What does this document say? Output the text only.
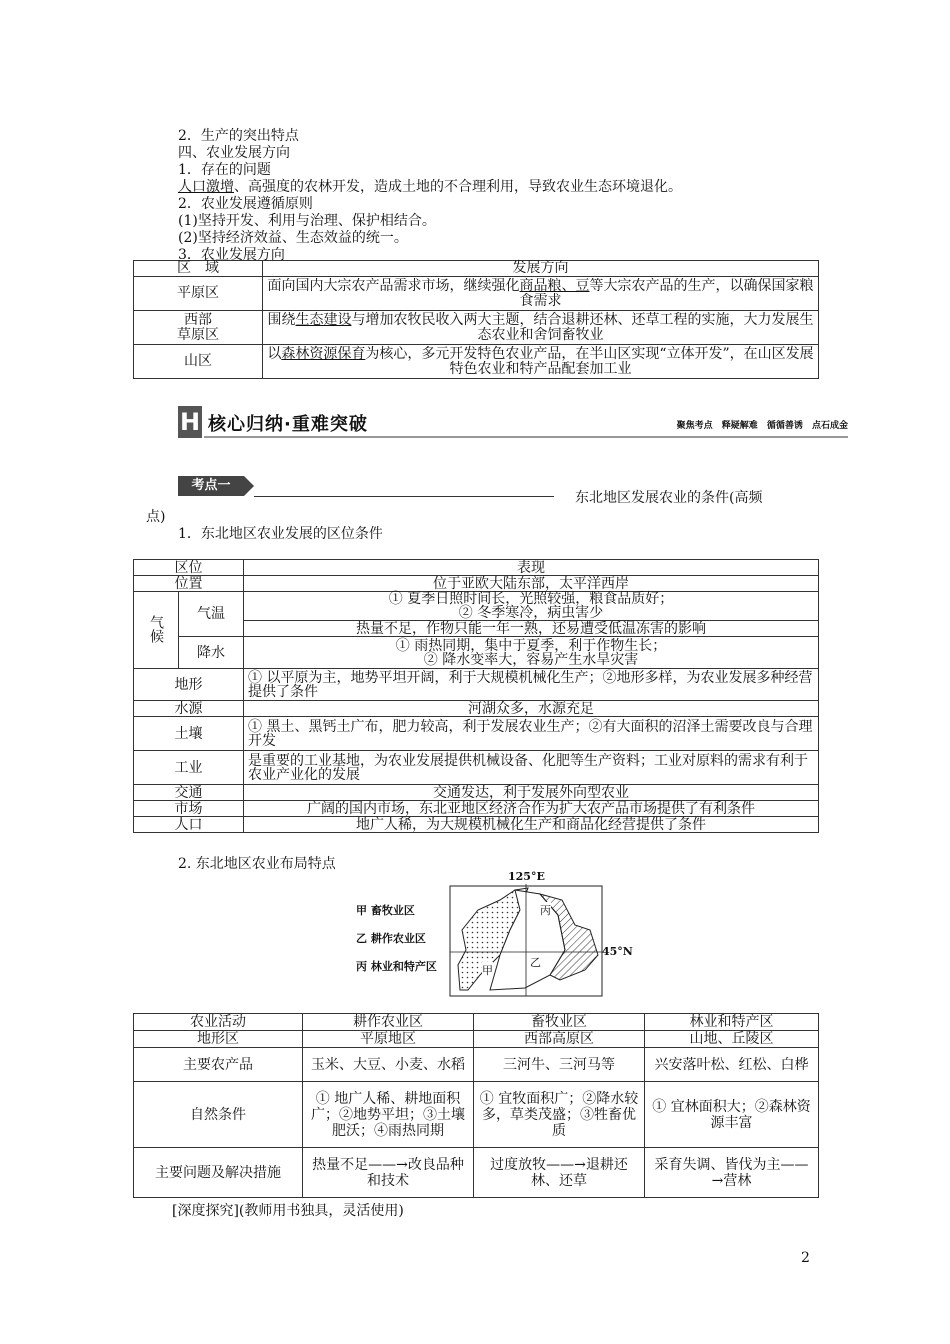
2．生产的突出特点
四、农业发展方向
1．存在的问题
人口激增、高强度的农林开发，造成土地的不合理利用，导致农业生态环境退化。
2．农业发展遵循原则
(1)坚持开发、利用与治理、保护相结合。
(2)坚持经济效益、生态效益的统一。
3．农业发展方向
区　域	发展方向
平原区	面向国内大宗农产品需求市场，继续强化商品粮、豆等大宗农产品的生产，以确保国家粮食需求
西部
草原区	围绕生态建设与增加农牧民收入两大主题，结合退耕还林、还草工程的实施，大力发展生态农业和舍饲畜牧业
山区	以森林资源保育为核心，多元开发特色农业产品，在半山区实现“立体开发”，在山区发展特色农业和特产品配套加工业
H 核心归纳·重难突破	聚焦考点 释疑解难 循循善诱 点石成金
考点一
东北地区发展农业的条件(高频
点)
1．东北地区农业发展的区位条件
区位		表现
位置		位于亚欧大陆东部，太平洋西岸
气候	气温	① 夏季日照时间长，光照较强，粮食品质好；
② 冬季寒冷，病虫害少
		热量不足，作物只能一年一熟，还易遭受低温冻害的影响
	降水	① 雨热同期，集中于夏季，利于作物生长；
② 降水变率大，容易产生水旱灾害
地形		① 以平原为主，地势平坦开阔，利于大规模机械化生产；②地形多样，为农业发展多种经营提供了条件
水源		河湖众多，水源充足
土壤		① 黑土、黑钙土广布，肥力较高，利于发展农业生产；②有大面积的沼泽土需要改良与合理开发
工业		是重要的工业基地，为农业发展提供机械设备、化肥等生产资料；工业对原料的需求有利于农业产业化的发展
交通		交通发达，利于发展外向型农业
市场		广阔的国内市场，东北亚地区经济合作为扩大农产品市场提供了有利条件
人口		地广人稀，为大规模机械化生产和商品化经营提供了条件
2. 东北地区农业布局特点
甲 畜牧业区
乙 耕作农业区
丙 林业和特产区
125°E
45°N
丙
乙
甲
农业活动	耕作农业区	畜牧业区	林业和特产区
地形区	平原地区	西部高原区	山地、丘陵区
主要农产品	玉米、大豆、小麦、水稻	三河牛、三河马等	兴安落叶松、红松、白桦
自然条件	① 地广人稀、耕地面积广；②地势平坦；③土壤肥沃；④雨热同期	① 宜牧面积广；②降水较多，草类茂盛；③牲畜优质	① 宜林面积大；②森林资源丰富
主要问题及解决措施	热量不足——→改良品种和技术	过度放牧——→退耕还林、还草	采育失调、皆伐为主——→营林
[深度探究](教师用书独具，灵活使用)
2
